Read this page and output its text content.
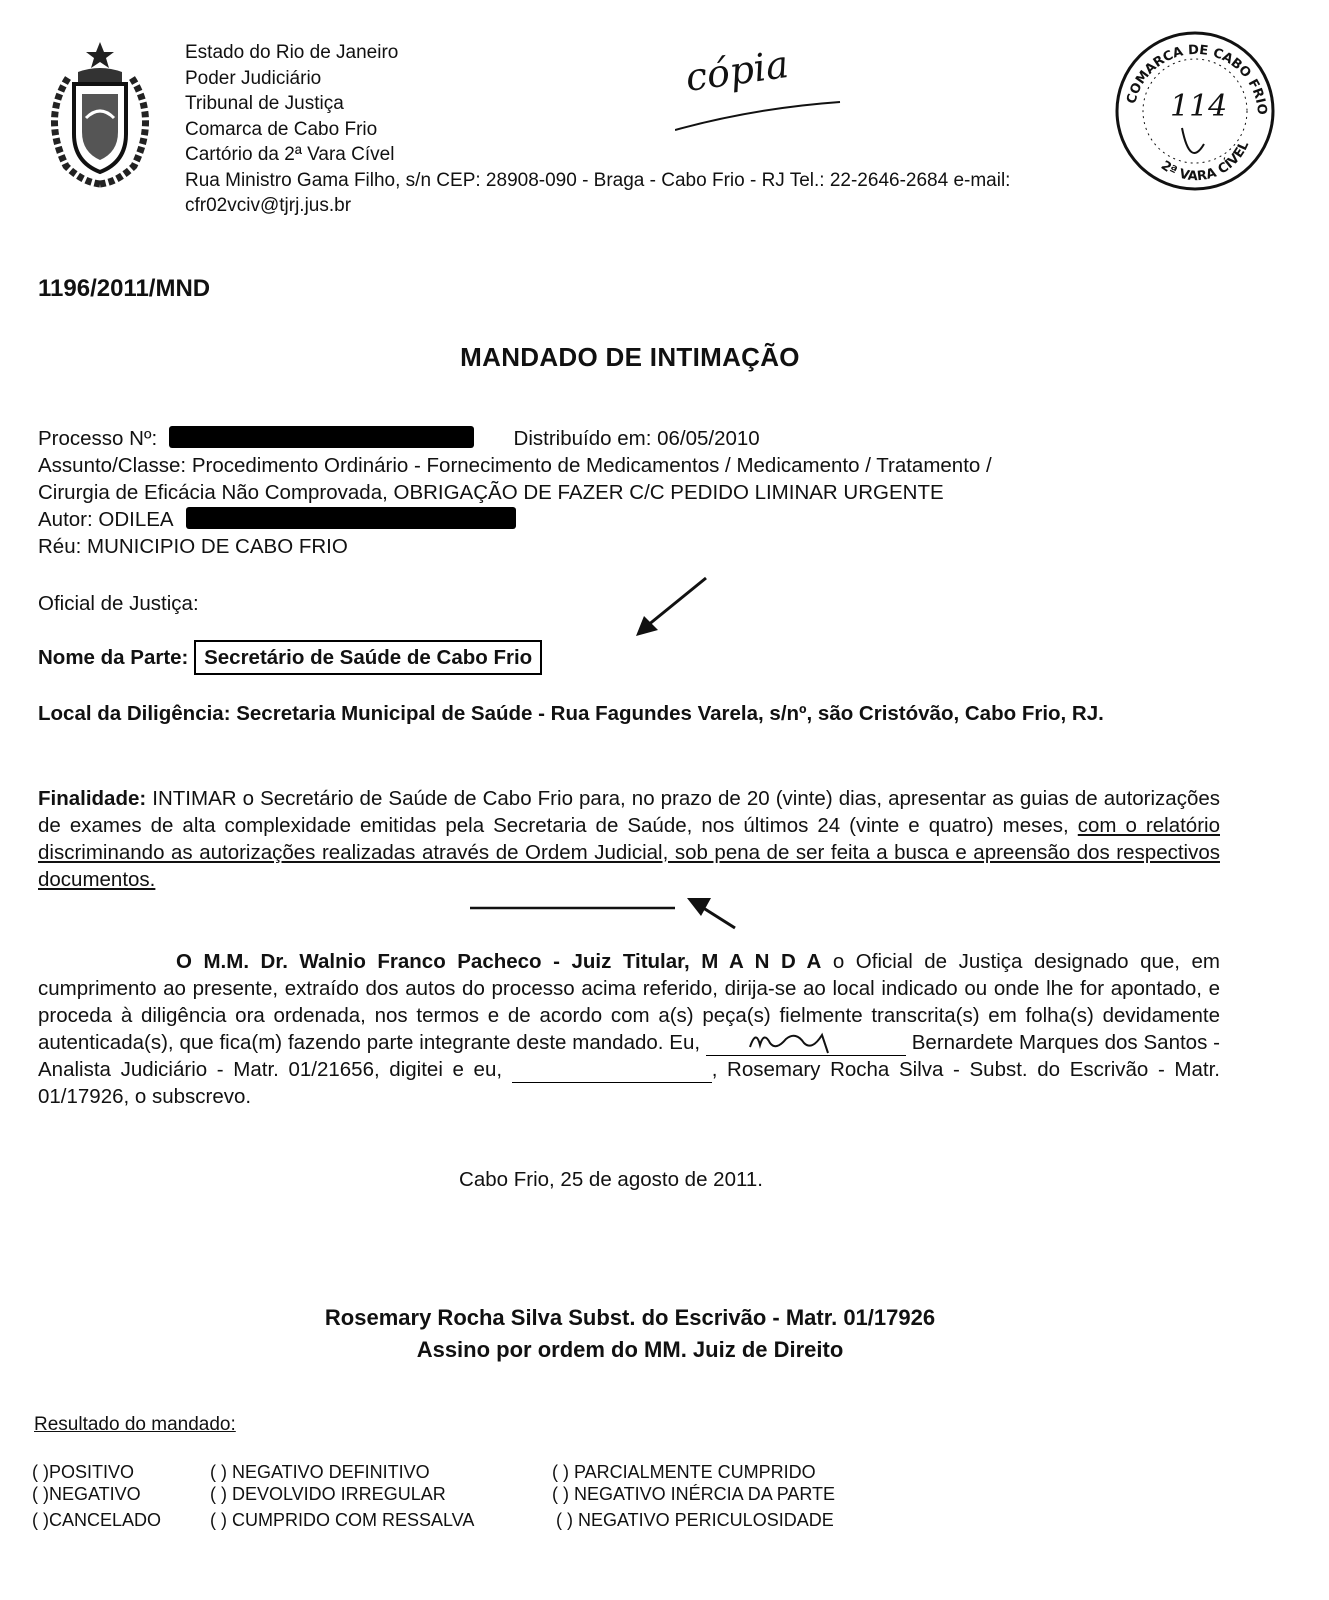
Estado do Rio de Janeiro
Poder Judiciário
Tribunal de Justiça
Comarca de Cabo Frio
Cartório da 2ª Vara Cível
Rua Ministro Gama Filho, s/n CEP: 28908-090 - Braga - Cabo Frio - RJ Tel.: 22-2646-2684 e-mail:
cfr02vciv@tjrj.jus.br
cópia	COMARCA DE CABO FRIO
2ª VARA CÍVEL
114
1196/2011/MND
MANDADO DE INTIMAÇÃO
Processo Nº:	Distribuído em: 06/05/2010
Assunto/Classe: Procedimento Ordinário - Fornecimento de Medicamentos / Medicamento / Tratamento /
Cirurgia de Eficácia Não Comprovada, OBRIGAÇÃO DE FAZER C/C PEDIDO LIMINAR URGENTE
Autor: ODILEA
Réu: MUNICIPIO DE CABO FRIO
Oficial de Justiça:
Nome da Parte: Secretário de Saúde de Cabo Frio
Local da Diligência: Secretaria Municipal de Saúde - Rua Fagundes Varela, s/nº, são Cristóvão, Cabo Frio, RJ.
Finalidade: INTIMAR o Secretário de Saúde de Cabo Frio para, no prazo de 20 (vinte) dias, apresentar as guias de autorizações de exames de alta complexidade emitidas pela Secretaria de Saúde, nos últimos 24 (vinte e quatro) meses, com o relatório discriminando as autorizações realizadas através de Ordem Judicial, sob pena de ser feita a busca e apreensão dos respectivos documentos.
O M.M. Dr. Walnio Franco Pacheco - Juiz Titular, M A N D A o Oficial de Justiça designado que, em cumprimento ao presente, extraído dos autos do processo acima referido, dirija-se ao local indicado ou onde lhe for apontado, e proceda à diligência ora ordenada, nos termos e de acordo com a(s) peça(s) fielmente transcrita(s) em folha(s) devidamente autenticada(s), que fica(m) fazendo parte integrante deste mandado. Eu,	Bernardete Marques dos Santos - Analista Judiciário - Matr. 01/21656, digitei e eu,	, Rosemary Rocha Silva - Subst. do Escrivão - Matr. 01/17926, o subscrevo.
Cabo Frio, 25 de agosto de 2011.
Rosemary Rocha Silva Subst. do Escrivão - Matr. 01/17926
Assino por ordem do MM. Juiz de Direito
Resultado do mandado:
( )POSITIVO	( ) NEGATIVO DEFINITIVO	( ) PARCIALMENTE CUMPRIDO
( )NEGATIVO	( ) DEVOLVIDO IRREGULAR	( ) NEGATIVO INÉRCIA DA PARTE
( )CANCELADO	( ) CUMPRIDO COM RESSALVA	( ) NEGATIVO PERICULOSIDADE
